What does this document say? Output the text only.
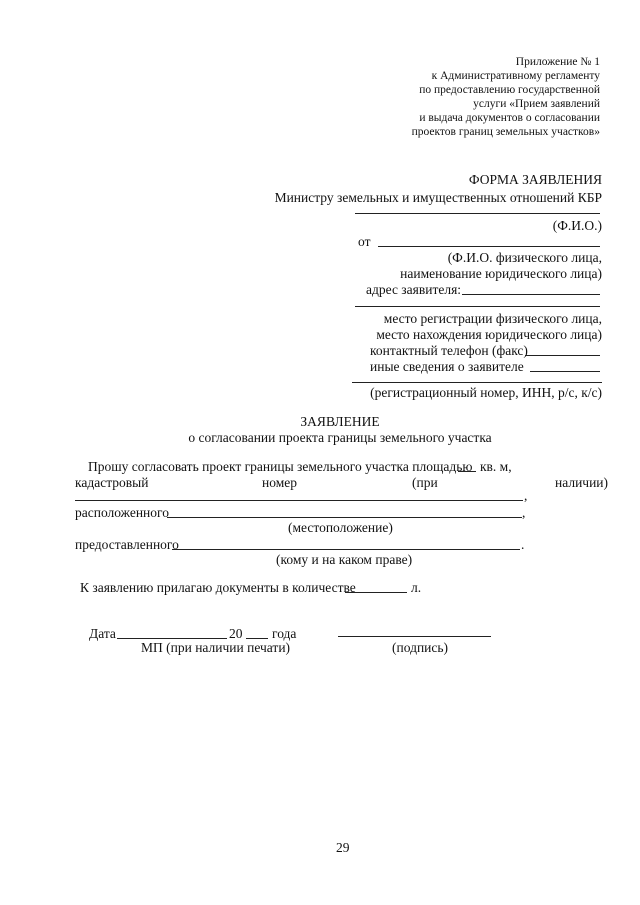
Приложение № 1
к Административному регламенту
по предоставлению государственной
услуги «Прием заявлений
и выдача документов о согласовании
проектов границ земельных участков»
ФОРМА ЗАЯВЛЕНИЯ
Министру земельных и имущественных отношений КБР
(Ф.И.О.)
от
(Ф.И.О. физического лица,
наименование юридического лица)
адрес заявителя:
место регистрации физического лица,
место нахождения юридического лица)
контактный телефон (факс)
иные сведения о заявителе
(регистрационный номер, ИНН, р/с, к/с)
ЗАЯВЛЕНИЕ
о согласовании проекта границы земельного участка
Прошу согласовать проект границы земельного участка площадью кв. м,
кадастровый	номер	(при	наличии)
,
расположенного	,
(местоположение)
предоставленного	.
(кому и на каком праве)
К заявлению прилагаю документы в количестве	л.
Дата	20 года
МП (при наличии печати)	(подпись)
29
